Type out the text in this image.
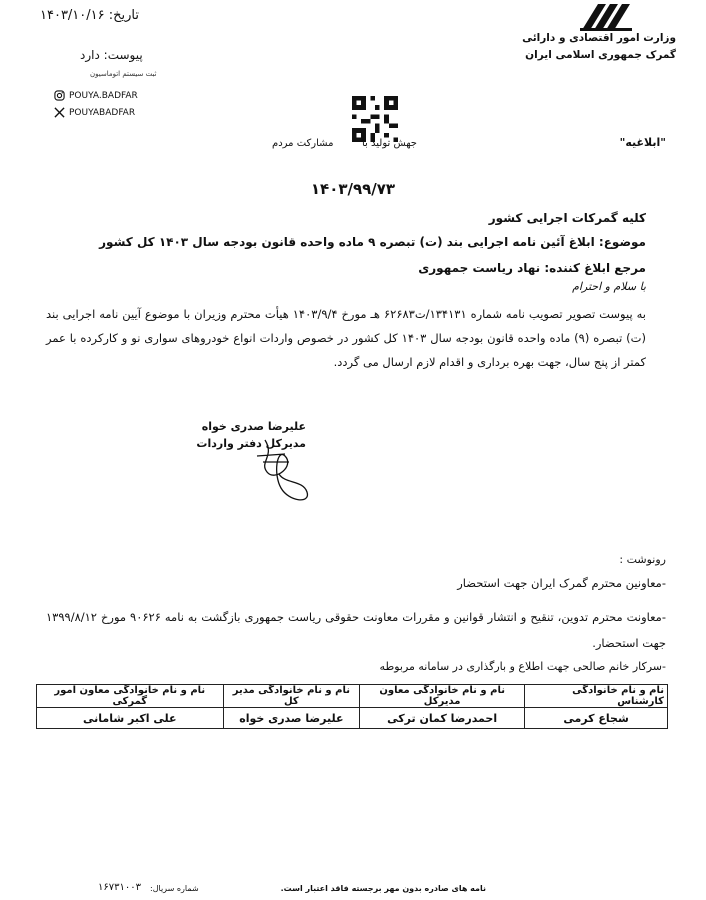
وزارت امور اقتصادی و دارائی
گمرک جمهوری اسلامی ایران
تاریخ: ۱۴۰۳/۱۰/۱۶
پیوست: دارد
ثبت سیستم اتوماسیون
POUYA.BADFAR
POUYABADFAR
جهش تولید با
مشارکت مردم	"ابلاغیه"
۱۴۰۳/۹۹/۷۳
کلیه گمرکات اجرایی کشور
موضوع: ابلاغ آئین نامه اجرایی بند (ت) تبصره ۹ ماده واحده قانون بودجه سال ۱۴۰۳ کل کشور
مرجع ابلاغ کننده: نهاد ریاست جمهوری
با سلام و احترام
به پیوست تصویر تصویب نامه شماره ۱۳۴۱۳۱/ت۶۲۶۸۳ هـ مورخ ۱۴۰۳/۹/۴ هیأت محترم وزیران با موضوع آیین نامه اجرایی بند (ت) تبصره (۹) ماده واحده قانون بودجه سال ۱۴۰۳ کل کشور در خصوص واردات انواع خودروهای سواری نو و کارکرده با عمر کمتر از پنج سال، جهت بهره برداری و اقدام لازم ارسال می گردد.
علیرضا صدری خواه
مدیرکل دفتر واردات
رونوشت :
-معاونین محترم گمرک ایران جهت استحضار
-معاونت محترم تدوین، تنقیح و انتشار قوانین و مقررات معاونت حقوقی ریاست جمهوری بازگشت به نامه ۹۰۶۲۶ مورخ ۱۳۹۹/۸/۱۲ جهت استحضار.
-سرکار خانم صالحی جهت اطلاع و بارگذاری در سامانه مربوطه
نام و نام خانوادگی کارشناس	نام و نام خانوادگی معاون مدیرکل	نام و نام خانوادگی مدیر کل	نام و نام خانوادگی معاون امور گمرکی
شجاع کرمی	احمدرضا کمان ترکی	علیرضا صدری خواه	علی اکبر شامانی
نامه های صادره بدون مهر برجسته فاقد اعتبار است.
شماره سریال:
۱۶۷۳۱۰۰۳
